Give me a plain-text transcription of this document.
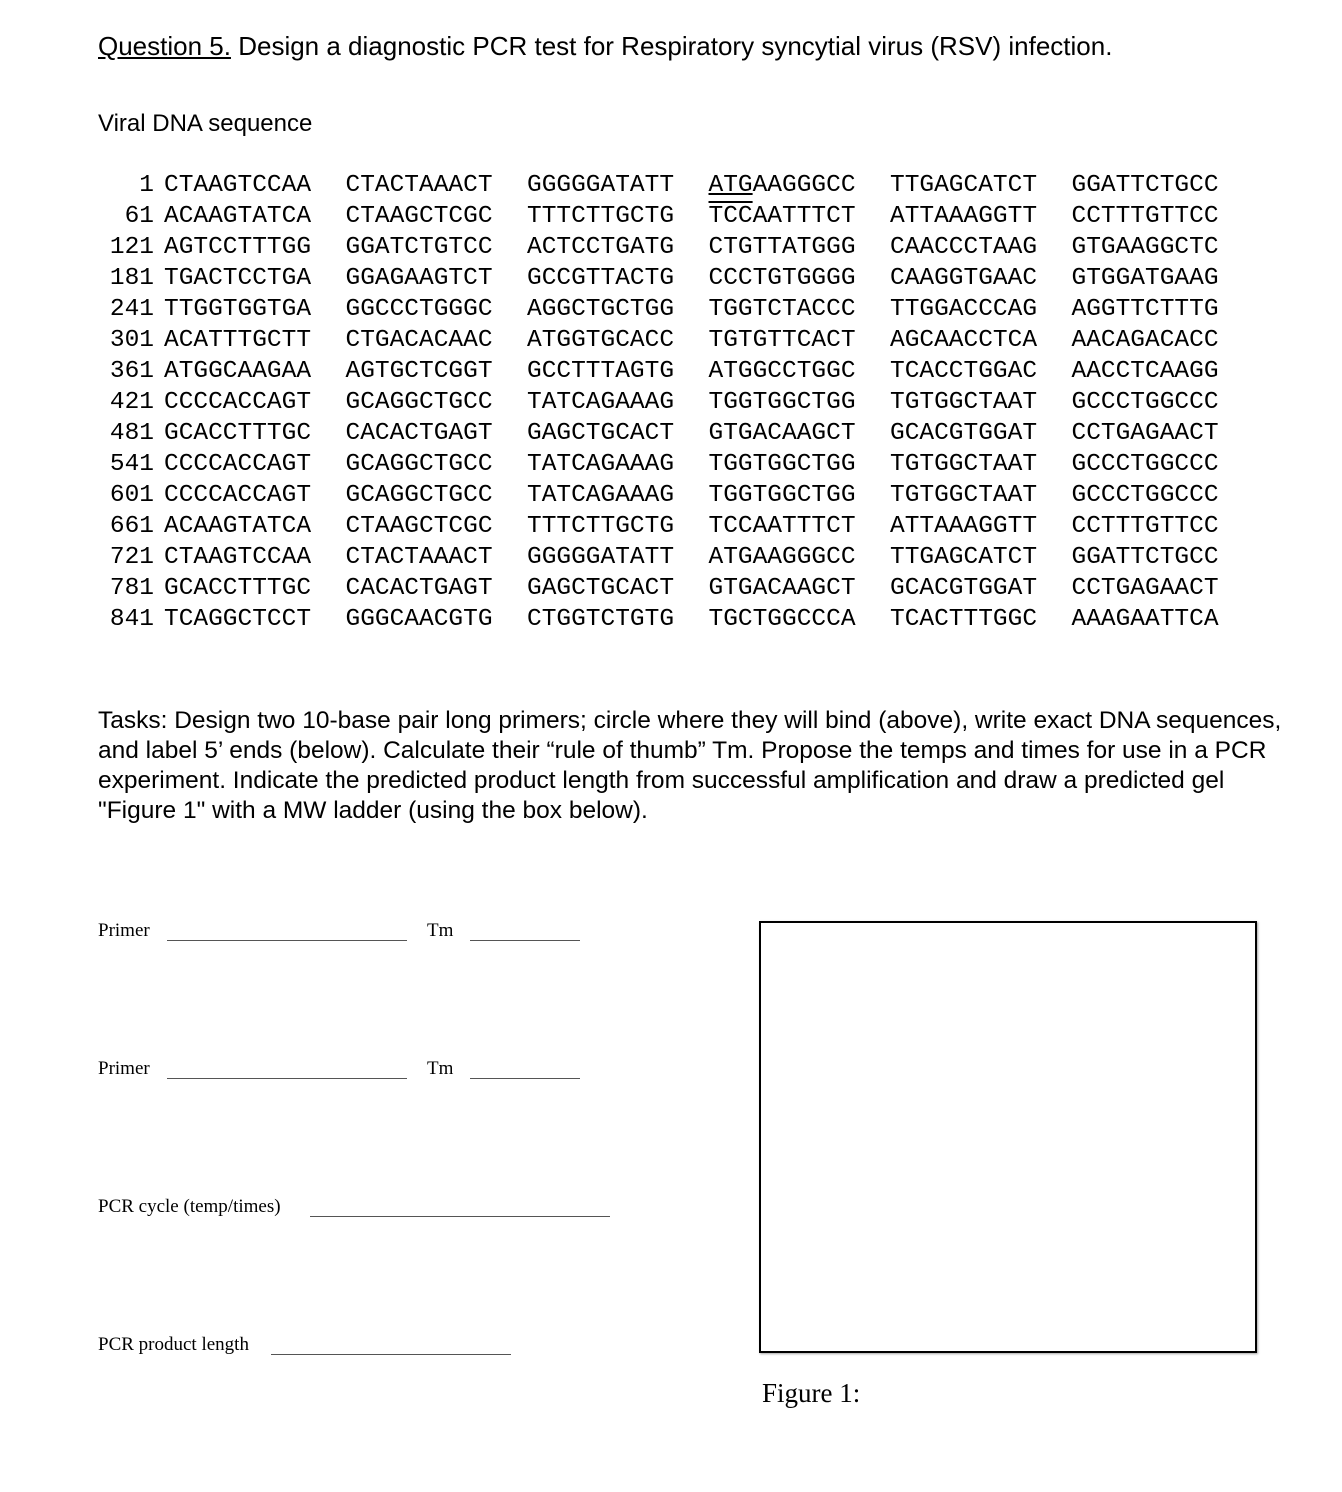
Question 5. Design a diagnostic PCR test for Respiratory syncytial virus (RSV) infection.
Viral DNA sequence
1 CTAAGTCCAA	CTACTAAACT	GGGGGATATT	ATGAAGGGCC	TTGAGCATCT	GGATTCTGCC
61 ACAAGTATCA	CTAAGCTCGC	TTTCTTGCTG	$\overline{TCC}AATTTCT$	ATTAAAGGTT	CCTTTGTTCC
121 AGTCCTTTGG	GGATCTGTCC	ACTCCTGATG	CTGTTATGGG	CAACCCTAAG	GTGAAGGCTC
181 TGACTCCTGA	GGAGAAGTCT	GCCGTTACTG	CCCTGTGGGG	CAAGGTGAAC	GTGGATGAAG
241 TTGGTGGTGA	GGCCCTGGGC	AGGCTGCTGG	TGGTCTACCC	TTGGACCCAG	AGGTTCTTTG
301 ACATTTGCTT	CTGACACAAC	ATGGTGCACC	TGTGTTCACT	AGCAACCTCA	AACAGACACC
361 ATGGCAAGAA	AGTGCTCGGT	GCCTTTAGTG	ATGGCCTGGC	TCACCTGGAC	AACCTCAAGG
421 CCCCACCAGT	GCAGGCTGCC	TATCAGAAAG	TGGTGGCTGG	TGTGGCTAAT	GCCCTGGCCC
481 GCACCTTTGC	CACACTGAGT	GAGCTGCACT	GTGACAAGCT	GCACGTGGAT	CCTGAGAACT
541 CCCCACCAGT	GCAGGCTGCC	TATCAGAAAG	TGGTGGCTGG	TGTGGCTAAT	GCCCTGGCCC
601 CCCCACCAGT	GCAGGCTGCC	TATCAGAAAG	TGGTGGCTGG	TGTGGCTAAT	GCCCTGGCCC
661 ACAAGTATCA	CTAAGCTCGC	TTTCTTGCTG	TCCAATTTCT	ATTAAAGGTT	CCTTTGTTCC
721 CTAAGTCCAA	CTACTAAACT	GGGGGATATT	ATGAAGGGCC	TTGAGCATCT	GGATTCTGCC
781 GCACCTTTGC	CACACTGAGT	GAGCTGCACT	GTGACAAGCT	GCACGTGGAT	CCTGAGAACT
841 TCAGGCTCCT	GGGCAACGTG	CTGGTCTGTG	TGCTGGCCCA	TCACTTTGGC	AAAGAATTCA
Tasks: Design two 10-base pair long primers; circle where they will bind (above), write exact DNA sequences, and label 5’ ends (below). Calculate their “rule of thumb” Tm. Propose the temps and times for use in a PCR experiment. Indicate the predicted product length from successful amplification and draw a predicted gel "Figure 1" with a MW ladder (using the box below).
Primer	Tm
Primer	Tm
PCR cycle (temp/times)
PCR product length
Figure 1:
